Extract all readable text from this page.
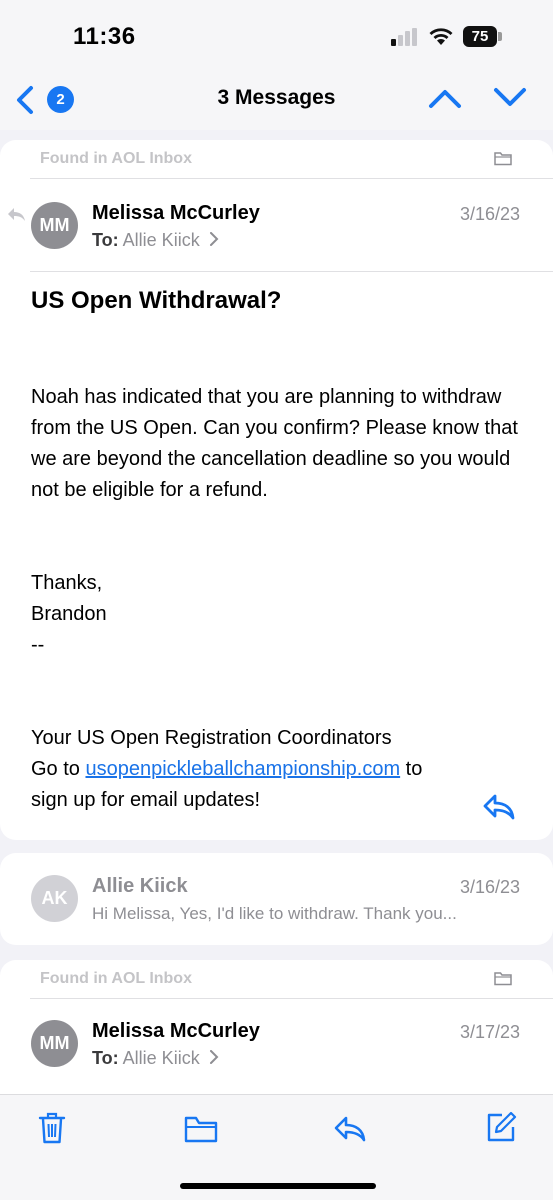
11:36	75
2	3 Messages
Found in AOL Inbox
MM
Melissa McCurley	3/16/23
To: Allie Kiick
US Open Withdrawal?
Noah has indicated that you are planning to withdraw from the US Open. Can you confirm? Please know that we are beyond the cancellation deadline so you would not be eligible for a refund.
Thanks,
Brandon
--

Your US Open Registration Coordinators
Go to usopenpickleballchampionship.com to
sign up for email updates!

AK
Allie Kiick	3/16/23
Hi Melissa, Yes, I'd like to withdraw. Thank you...
Found in AOL Inbox
MM
Melissa McCurley	3/17/23
To: Allie Kiick
